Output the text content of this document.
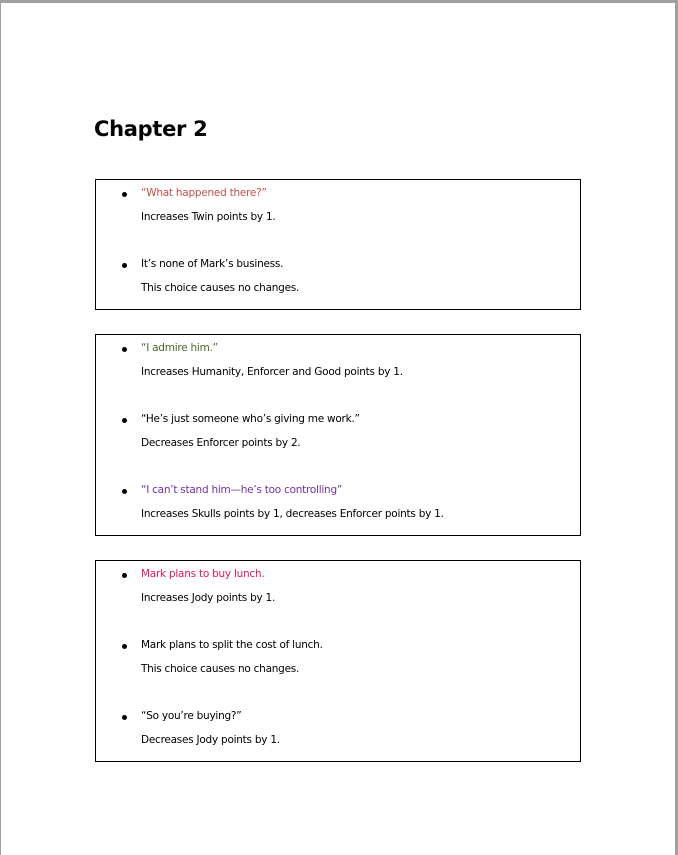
Chapter 2
“What happened there?”
Increases Twin points by 1.
It’s none of Mark’s business.
This choice causes no changes.
“I admire him.”
Increases Humanity, Enforcer and Good points by 1.
“He’s just someone who’s giving me work.”
Decreases Enforcer points by 2.
“I can’t stand him—he’s too controlling”
Increases Skulls points by 1, decreases Enforcer points by 1.
Mark plans to buy lunch.
Increases Jody points by 1.
Mark plans to split the cost of lunch.
This choice causes no changes.
“So you’re buying?”
Decreases Jody points by 1.
